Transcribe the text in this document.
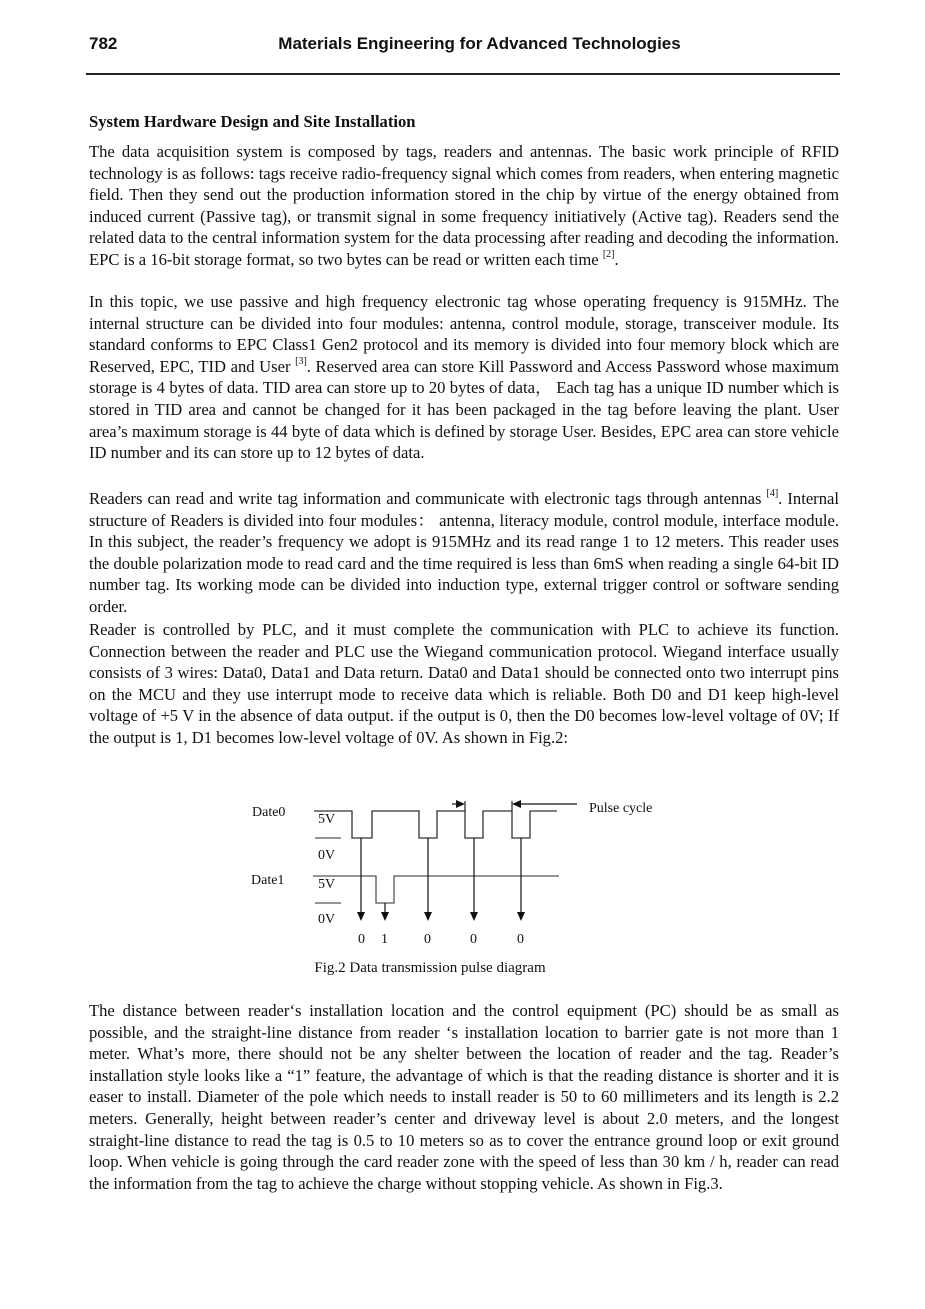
782	Materials Engineering for Advanced Technologies
System Hardware Design and Site Installation

The data acquisition system is composed by tags, readers and antennas. The basic work principle of RFID technology is as follows: tags receive radio-frequency signal which comes from readers, when entering magnetic field. Then they send out the production information stored in the chip by virtue of the energy obtained from induced current (Passive tag), or transmit signal in some frequency initiatively (Active tag). Readers send the related data to the central information system for the data processing after reading and decoding the information. EPC is a 16-bit storage format, so two bytes can be read or written each time [2].

In this topic, we use passive and high frequency electronic tag whose operating frequency is 915MHz. The internal structure can be divided into four modules: antenna, control module, storage, transceiver module. Its standard conforms to EPC Class1 Gen2 protocol and its memory is divided into four memory block which are Reserved, EPC, TID and User [3]. Reserved area can store Kill Password and Access Password whose maximum storage is 4 bytes of data. TID area can store up to 20 bytes of data， Each tag has a unique ID number which is stored in TID area and cannot be changed for it has been packaged in the tag before leaving the plant. User area’s maximum storage is 44 byte of data which is defined by storage User. Besides, EPC area can store vehicle ID number and its can store up to 12 bytes of data.

Readers can read and write tag information and communicate with electronic tags through antennas [4]. Internal structure of Readers is divided into four modules： antenna, literacy module, control module, interface module. In this subject, the reader’s frequency we adopt is 915MHz and its read range 1 to 12 meters. This reader uses the double polarization mode to read card and the time required is less than 6mS when reading a single 64-bit ID number tag. Its working mode can be divided into induction type, external trigger control or software sending order.

Reader is controlled by PLC, and it must complete the communication with PLC to achieve its function. Connection between the reader and PLC use the Wiegand communication protocol. Wiegand interface usually consists of 3 wires: Data0, Data1 and Data return. Data0 and Data1 should be connected onto two interrupt pins on the MCU and they use interrupt mode to receive data which is reliable. Both D0 and D1 keep high-level voltage of +5 V in the absence of data output. if the output is 0, then the D0 becomes low-level voltage of 0V; If the output is 1, D1 becomes low-level voltage of 0V. As shown in Fig.2:

Date0
Date1
5V
0V
5V
0V
Pulse cycle
0 1	0	0	0
Fig.2 Data transmission pulse diagram

The distance between reader‘s installation location and the control equipment (PC) should be as small as possible, and the straight-line distance from reader ‘s installation location to barrier gate is not more than 1 meter. What’s more, there should not be any shelter between the location of reader and the tag. Reader’s installation style looks like a “1” feature, the advantage of which is that the reading distance is shorter and it is easer to install. Diameter of the pole which needs to install reader is 50 to 60 millimeters and its length is 2.2 meters. Generally, height between reader’s center and driveway level is about 2.0 meters, and the longest straight-line distance to read the tag is 0.5 to 10 meters so as to cover the entrance ground loop or exit ground loop. When vehicle is going through the card reader zone with the speed of less than 30 km / h, reader can read the information from the tag to achieve the charge without stopping vehicle. As shown in Fig.3.
